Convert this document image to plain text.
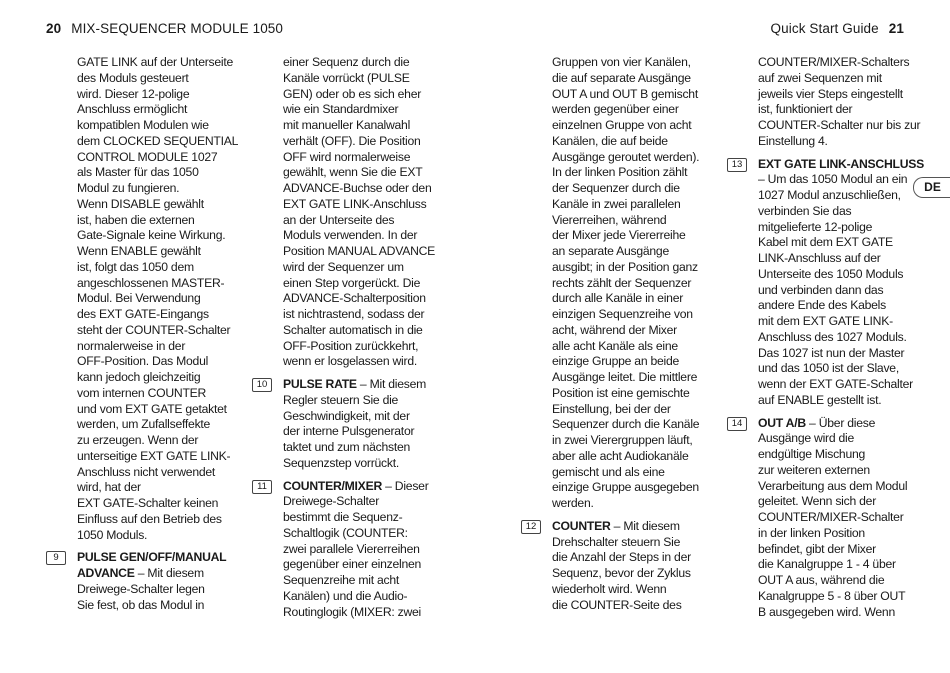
20 MIX-SEQUENCER MODULE 1050	Quick Start Guide 21
DE
GATE LINK auf der Unterseite
des Moduls gesteuert
wird. Dieser 12-polige
Anschluss ermöglicht
kompatiblen Modulen wie
dem CLOCKED SEQUENTIAL
CONTROL MODULE 1027
als Master für das 1050
Modul zu fungieren.
Wenn DISABLE gewählt
ist, haben die externen
Gate-Signale keine Wirkung.
Wenn ENABLE gewählt
ist, folgt das 1050 dem
angeschlossenen MASTER-
Modul. Bei Verwendung
des EXT GATE-Eingangs
steht der COUNTER-Schalter
normalerweise in der
OFF-Position. Das Modul
kann jedoch gleichzeitig
vom internen COUNTER
und vom EXT GATE getaktet
werden, um Zufallseffekte
zu erzeugen. Wenn der
unterseitige EXT GATE LINK-
Anschluss nicht verwendet
wird, hat der
EXT GATE-Schalter keinen
Einfluss auf den Betrieb des
1050 Moduls.
9	PULSE GEN/OFF/MANUAL
ADVANCE – Mit diesem
Dreiwege-Schalter legen
Sie fest, ob das Modul in
einer Sequenz durch die
Kanäle vorrückt (PULSE
GEN) oder ob es sich eher
wie ein Standardmixer
mit manueller Kanalwahl
verhält (OFF). Die Position
OFF wird normalerweise
gewählt, wenn Sie die EXT
ADVANCE-Buchse oder den
EXT GATE LINK-Anschluss
an der Unterseite des
Moduls verwenden. In der
Position MANUAL ADVANCE
wird der Sequenzer um
einen Step vorgerückt. Die
ADVANCE-Schalterposition
ist nichtrastend, sodass der
Schalter automatisch in die
OFF-Position zurückkehrt,
wenn er losgelassen wird.
10	PULSE RATE – Mit diesem
Regler steuern Sie die
Geschwindigkeit, mit der
der interne Pulsgenerator
taktet und zum nächsten
Sequenzstep vorrückt.
11	COUNTER/MIXER – Dieser
Dreiwege-Schalter
bestimmt die Sequenz-
Schaltlogik (COUNTER:
zwei parallele Viererreihen
gegenüber einer einzelnen
Sequenzreihe mit acht
Kanälen) und die Audio-
Routinglogik (MIXER: zwei
Gruppen von vier Kanälen,
die auf separate Ausgänge
OUT A und OUT B gemischt
werden gegenüber einer
einzelnen Gruppe von acht
Kanälen, die auf beide
Ausgänge geroutet werden).
In der linken Position zählt
der Sequenzer durch die
Kanäle in zwei parallelen
Viererreihen, während
der Mixer jede Viererreihe
an separate Ausgänge
ausgibt; in der Position ganz
rechts zählt der Sequenzer
durch alle Kanäle in einer
einzigen Sequenzreihe von
acht, während der Mixer
alle acht Kanäle als eine
einzige Gruppe an beide
Ausgänge leitet. Die mittlere
Position ist eine gemischte
Einstellung, bei der der
Sequenzer durch die Kanäle
in zwei Vierergruppen läuft,
aber alle acht Audiokanäle
gemischt und als eine
einzige Gruppe ausgegeben
werden.
12	COUNTER – Mit diesem
Drehschalter steuern Sie
die Anzahl der Steps in der
Sequenz, bevor der Zyklus
wiederholt wird. Wenn
die COUNTER-Seite des
COUNTER/MIXER-Schalters
auf zwei Sequenzen mit
jeweils vier Steps eingestellt
ist, funktioniert der
COUNTER-Schalter nur bis zur
Einstellung 4.
13	EXT GATE LINK-ANSCHLUSS
– Um das 1050 Modul an ein
1027 Modul anzuschließen,
verbinden Sie das
mitgelieferte 12-polige
Kabel mit dem EXT GATE
LINK-Anschluss auf der
Unterseite des 1050 Moduls
und verbinden dann das
andere Ende des Kabels
mit dem EXT GATE LINK-
Anschluss des 1027 Moduls.
Das 1027 ist nun der Master
und das 1050 ist der Slave,
wenn der EXT GATE-Schalter
auf ENABLE gestellt ist.
14	OUT A/B – Über diese
Ausgänge wird die
endgültige Mischung
zur weiteren externen
Verarbeitung aus dem Modul
geleitet. Wenn sich der
COUNTER/MIXER-Schalter
in der linken Position
befindet, gibt der Mixer
die Kanalgruppe 1 - 4 über
OUT A aus, während die
Kanalgruppe 5 - 8 über OUT
B ausgegeben wird. Wenn
